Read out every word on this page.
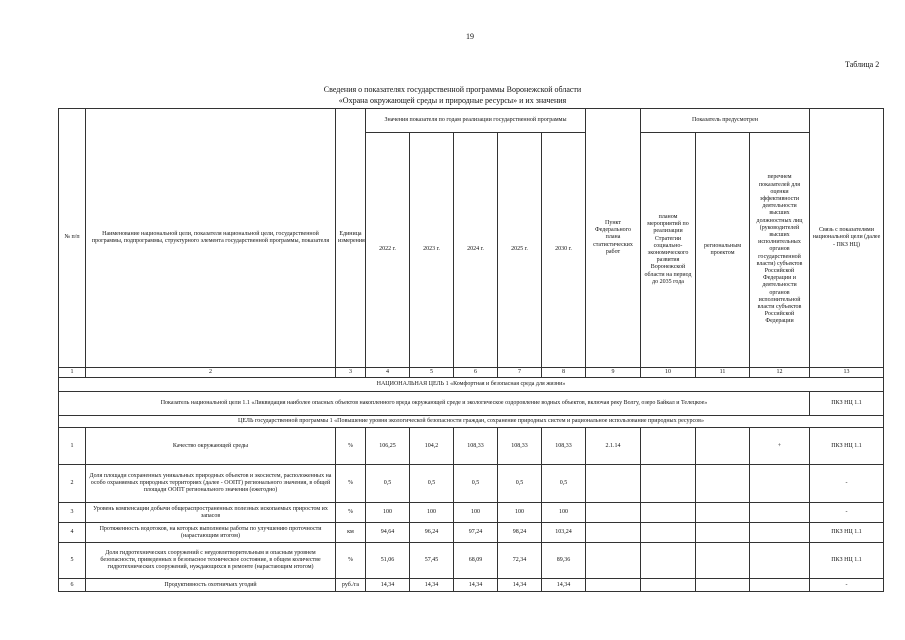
19
Таблица 2
Сведения о показателях государственной программы Воронежской области
«Охрана окружающей среды и природные ресурсы» и их значения
№ п/п	Наименование национальной цели, показателя национальной цели, государственной программы, подпрограммы, структурного элемента государственной программы, показателя	Единица измерения	Значения показателя по годам реализации государственной программы					Пункт Федерального плана статистических работ	Показатель предусмотрен			Связь с показателями национальной цели (далее - ПКЗ НЦ)
			2022 г.	2023 г.	2024 г.	2025 г.	2030 г.		планом мероприятий по реализации Стратегии социально-экономического развития Воронежской области на период до 2035 года	региональным проектом	перечнем показателей для оценки эффективности деятельности высших должностных лиц (руководителей высших исполнительных органов государственной власти) субъектов Российской Федерации и деятельности органов исполнительной власти субъектов Российской Федерации	
1	2	3	4	5	6	7	8	9	10	11	12	13
НАЦИОНАЛЬНАЯ ЦЕЛЬ 1 «Комфортная и безопасная среда для жизни»												
Показатель национальной цели 1.1 «Ликвидация наиболее опасных объектов накопленного вреда окружающей среде и экологическое оздоровление водных объектов, включая реку Волгу, озеро Байкал и Телецкое»												ПКЗ НЦ 1.1
ЦЕЛЬ государственной программы 1 «Повышение уровня экологической безопасности граждан, сохранение природных систем и рациональное использование природных ресурсов»												
1	Качество окружающей среды	%	106,25	104,2	108,33	108,33	108,33	2.1.14			+	ПКЗ НЦ 1.1
2	Доля площади сохраненных уникальных природных объектов и экосистем, расположенных на особо охраняемых природных территориях (далее - ООПТ) регионального значения, в общей площади ООПТ регионального значения (ежегодно)	%	0,5	0,5	0,5	0,5	0,5					-
3	Уровень компенсации добычи общераспространенных полезных ископаемых приростом их запасов	%	100	100	100	100	100					-
4	Протяженность водотоков, на которых выполнены работы по улучшению проточности (нарастающим итогом)	км	94,64	96,24	97,24	98,24	103,24					ПКЗ НЦ 1.1
5	Доля гидротехнических сооружений с неудовлетворительным и опасным уровнем безопасности, приведенных в безопасное техническое состояние, в общем количестве гидротехнических сооружений, нуждающихся в ремонте (нарастающим итогом)	%	51,06	57,45	68,09	72,34	89,36					ПКЗ НЦ 1.1
6	Продуктивность охотничьих угодий	руб./га	14,34	14,34	14,34	14,34	14,34					-
